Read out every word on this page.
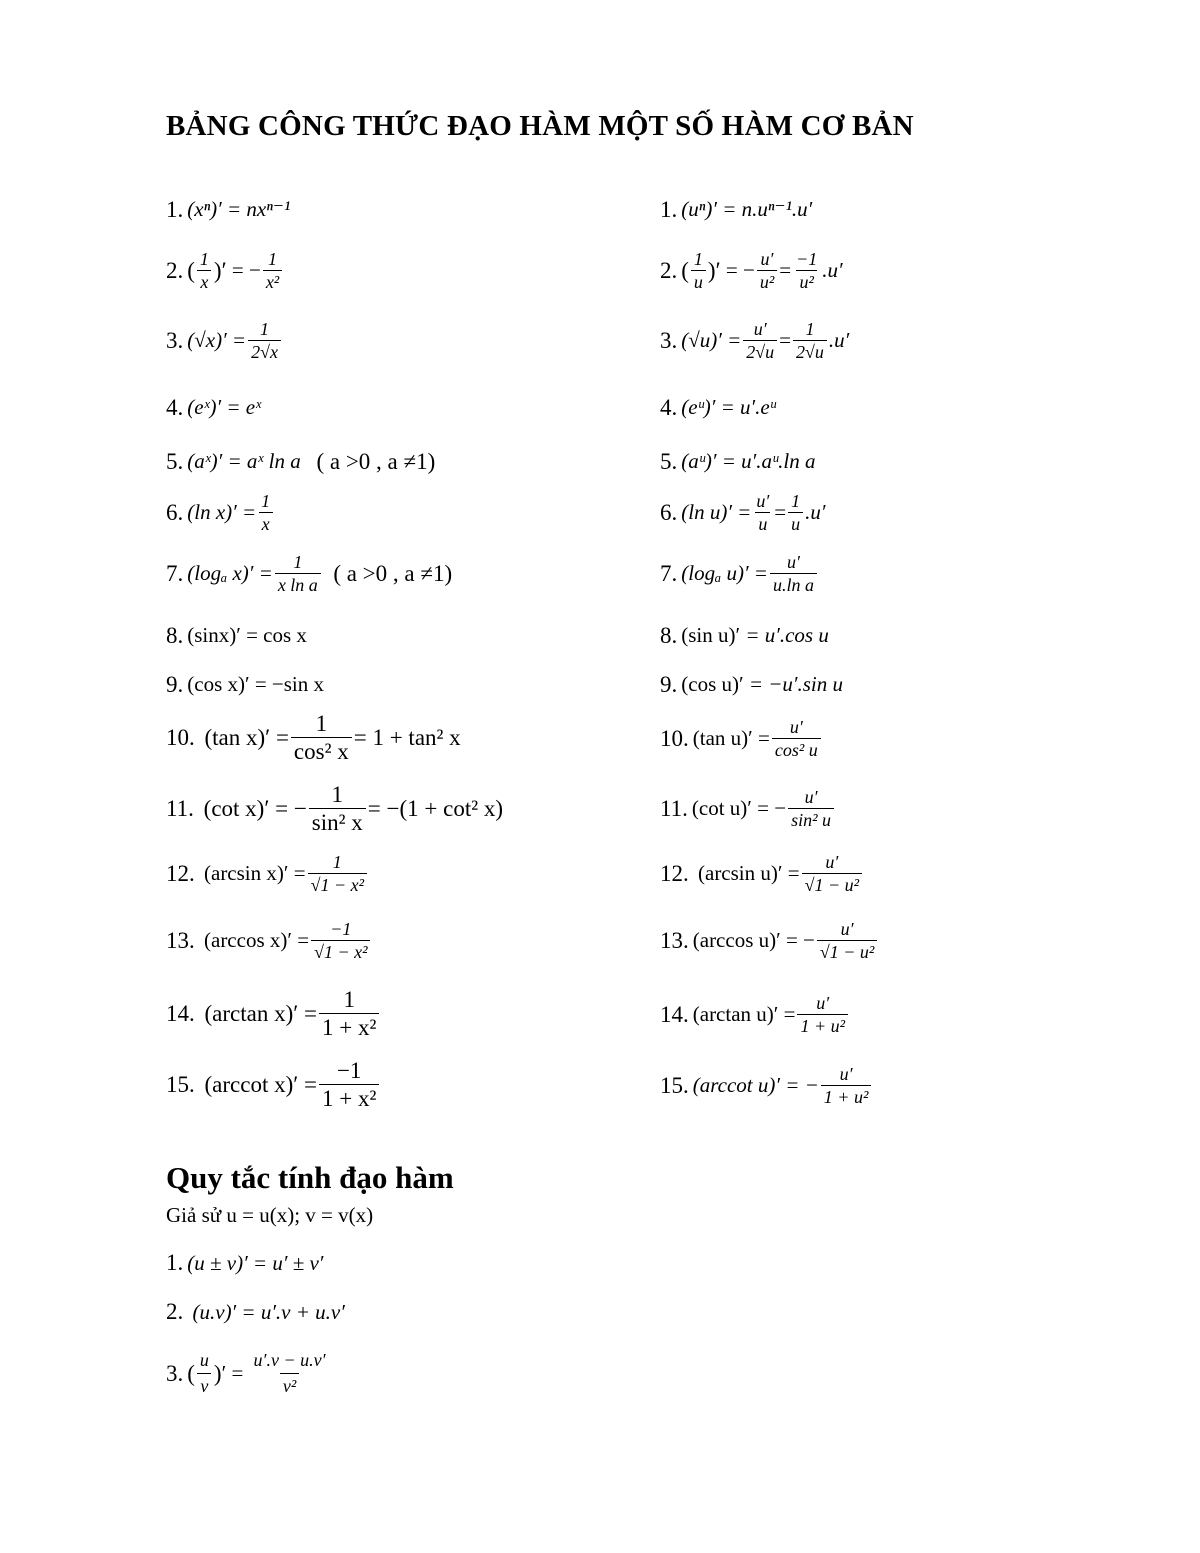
BẢNG CÔNG THỨC ĐẠO HÀM MỘT SỐ HÀM CƠ BẢN
1. (xⁿ)′
= nxⁿ⁻¹
2. ( $\frac{1}{x}$ )′
= − $\frac{1}{\text{x²}}$
3. $(√x)' = \frac{1}{2√x}$
4. (eˣ)′
= eˣ
5. (aˣ)′
= aˣ ln a
( a >0 , a ≠1)
6. (ln $x)' = \frac{1}{x}$
7. (logₐ $x)' = \frac{1}{\text{x ln a}}$
( a >0 , a ≠1)
8. (sinx)′
= cos x
9. (cos x)′
= −sin x
10.
(tan $x)' = \frac{1}{\text{cos² x}} = 1 + \tan^2$ x
11.
(cot x)′ = − $\frac{1}{\text{sin² x}} = -(1 + \cot^2$ x)
12.
(arcsin $x)' = \frac{1}{\text{√1 − x²}}$
13.
(arccos $x)' = \frac{-1}{\text{√1 − x²}}$
14.
(arctan $x)' = \frac{1}{\text{1 + x²}}$
15.
(arccot $x)' = \frac{-1}{\text{1 + x²}}$
1. (uⁿ)′
= n.uⁿ⁻¹.u′
2. ( $\frac{1}{u}$ )′
= − $\frac{u'}{\text{u²}} = \frac{-1}{\text{u²}} .u'$
3. $(√u)' = \frac{u'}{2√u} = \frac{1}{2√u} .u'$
4. (eᵘ)′
= u′.eᵘ
5. (aᵘ)′
= u′.aᵘ.ln a
6. (ln $u)' = \frac{u'}{u} = \frac{1}{u} .u'$
7. (logₐ $u)' = \frac{u'}{\text{u.ln a}}$
8. (sin u)′
= u′.cos u
9. (cos u)′
= −u′.sin u
10. (tan $u)' = \frac{u'}{\text{cos² u}}$
11. (cot u)′ = − $\frac{u'}{\text{sin² u}}$
12.
(arcsin $u)' = \frac{u'}{\text{√1 − u²}}$
13. (arccos u)′ = − $\frac{u'}{\text{√1 − u²}}$
14. (arctan $u)' = \frac{u'}{\text{1 + u²}}$
15. (arccot u)′ = − $\frac{u'}{\text{1 + u²}}$
Quy tắc tính đạo hàm
Giả sử u = u(x); v = v(x)
1. (u ± v)′ = u′ ± v′
2.
(u.v)′ = u′.v + u.v′
3. ( $\frac{u}{v}$ ) ′ =
$\frac{u'.v - u.v'}{\text{v²}}$
